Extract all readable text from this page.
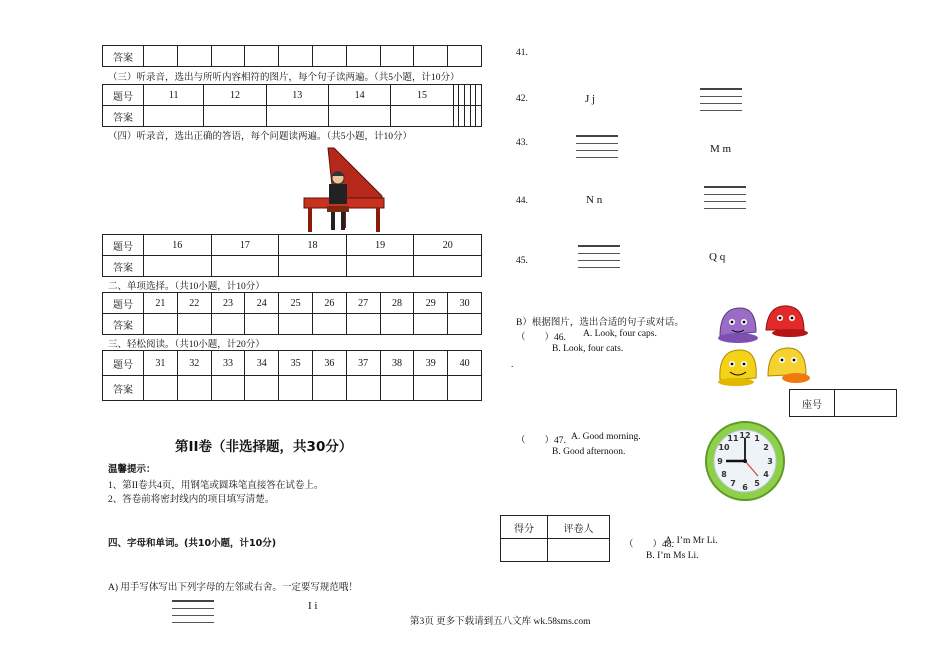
答案										
（三）听录音，选出与所听内容相符的图片，每个句子读两遍。（共5小题，计10分）
题号	11	12	13	14	15					
答案										
（四）听录音，选出正确的答语，每个问题读两遍。（共5小题，计10分）
题号	16	17	18	19	20
答案					
二、单项选择。（共10小题，计10分）
题号	21	22	23	24	25	26	27	28	29	30
答案										
三、轻松阅读。（共10小题，计20分）
题号	31	32	33	34	35	36	37	38	39	40
答案										
第II卷（非选择题，共30分）
温馨提示：
1、第II卷共4页，用钢笔或圆珠笔直接答在试卷上。
2、答卷前将密封线内的项目填写清楚。
四、字母和单词。(共10小题，计10分)
A) 用手写体写出下列字母的左邻或右舍。一定要写规范哦！
I i
41.
42.	J j
43.	M m
44.	N n
45.	Q q
B）根据图片，选出合适的句子或对话。
（　　）46. A. Look, four caps.
B. Look, four cats.
.
座号	
（　　）47. A. Good morning.
B. Good afternoon.
12 1
2
3
4
5
6
7
8
9
10
11
得分	评卷人

（　　）48.
A. I’m Mr Li.
B. I’m Ms Li.
第3页 更多下载请到五八文库 wk.58sms.com
